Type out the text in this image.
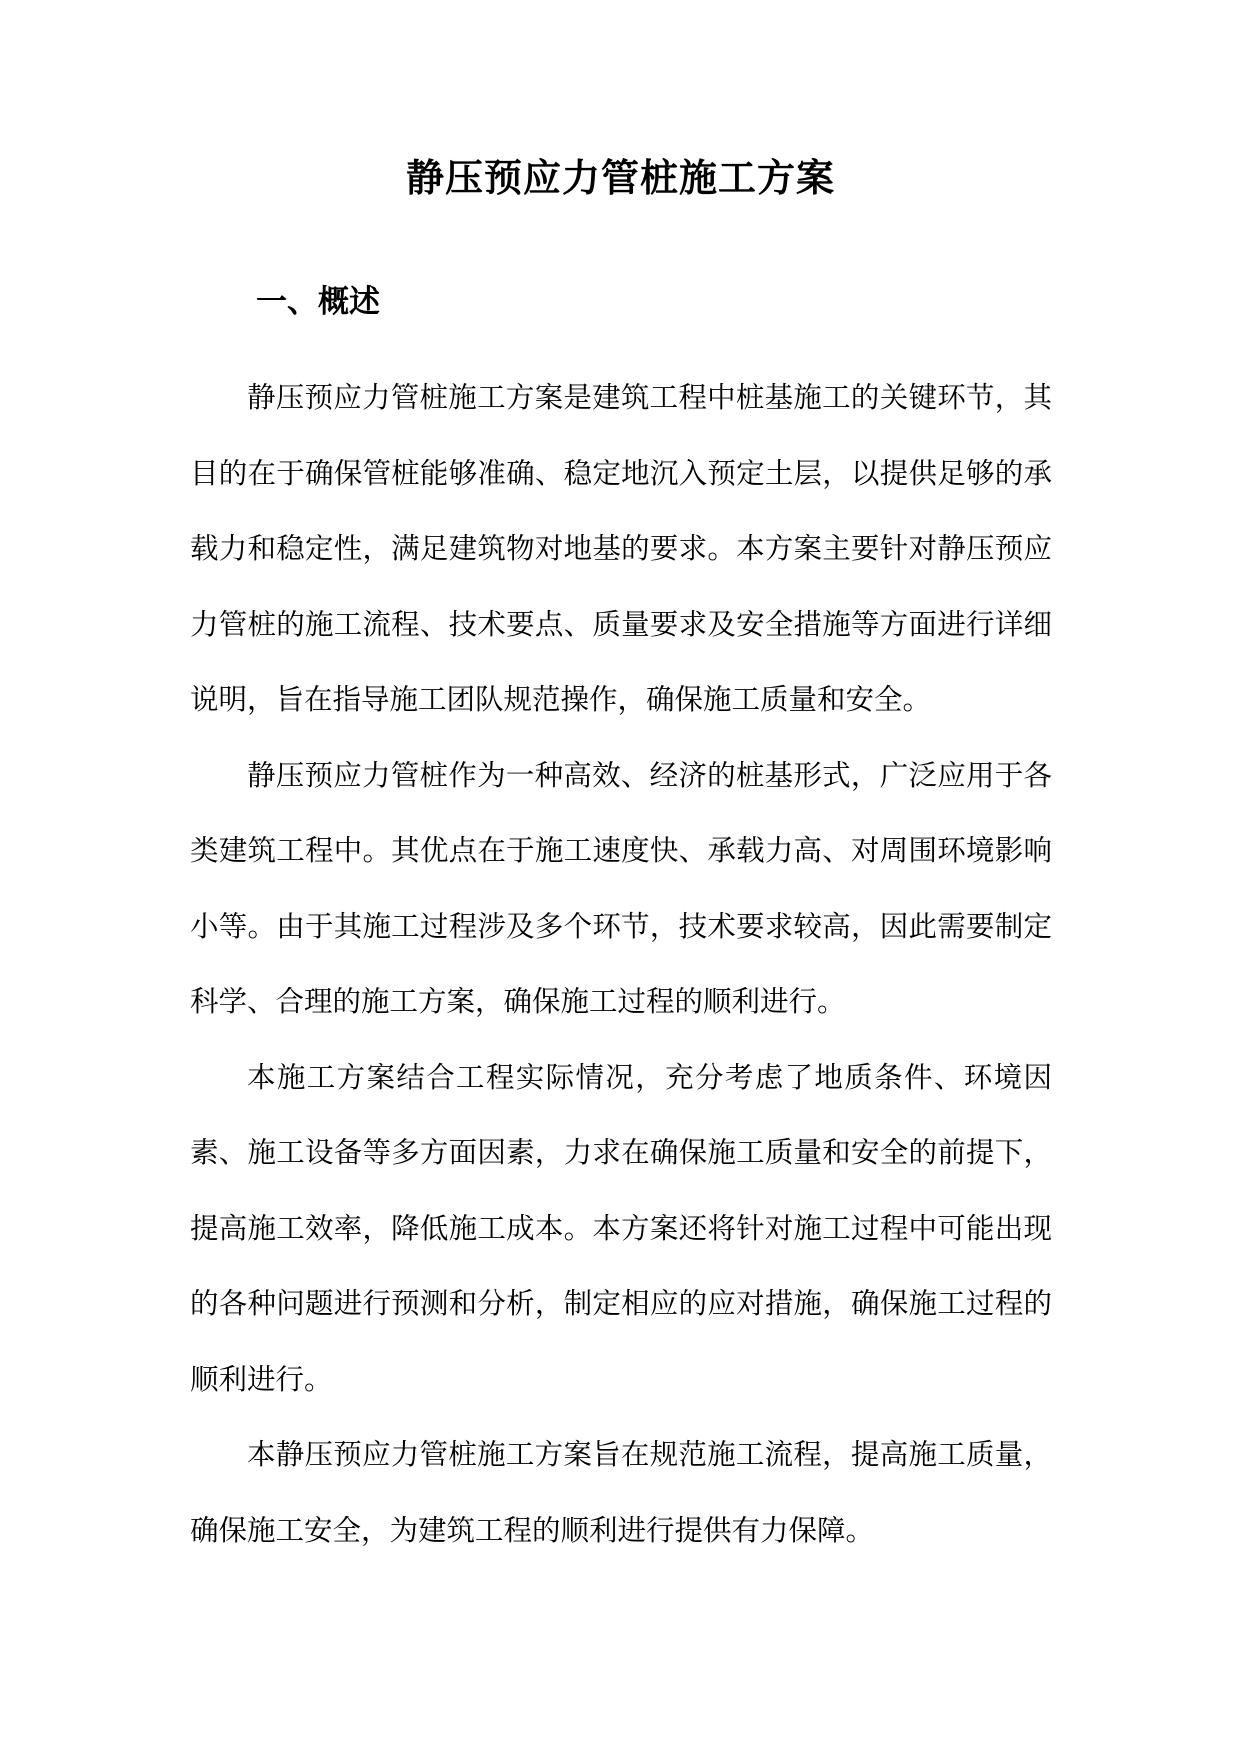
静压预应力管桩施工方案
一、概述

静压预应力管桩施工方案是建筑工程中桩基施工的关键环节，其目的在于确保管桩能够准确、稳定地沉入预定土层，以提供足够的承载力和稳定性，满足建筑物对地基的要求。本方案主要针对静压预应力管桩的施工流程、技术要点、质量要求及安全措施等方面进行详细说明，旨在指导施工团队规范操作，确保施工质量和安全。

静压预应力管桩作为一种高效、经济的桩基形式，广泛应用于各类建筑工程中。其优点在于施工速度快、承载力高、对周围环境影响小等。由于其施工过程涉及多个环节，技术要求较高，因此需要制定科学、合理的施工方案，确保施工过程的顺利进行。

本施工方案结合工程实际情况，充分考虑了地质条件、环境因素、施工设备等多方面因素，力求在确保施工质量和安全的前提下，提高施工效率，降低施工成本。本方案还将针对施工过程中可能出现的各种问题进行预测和分析，制定相应的应对措施，确保施工过程的顺利进行。

本静压预应力管桩施工方案旨在规范施工流程，提高施工质量，确保施工安全，为建筑工程的顺利进行提供有力保障。
